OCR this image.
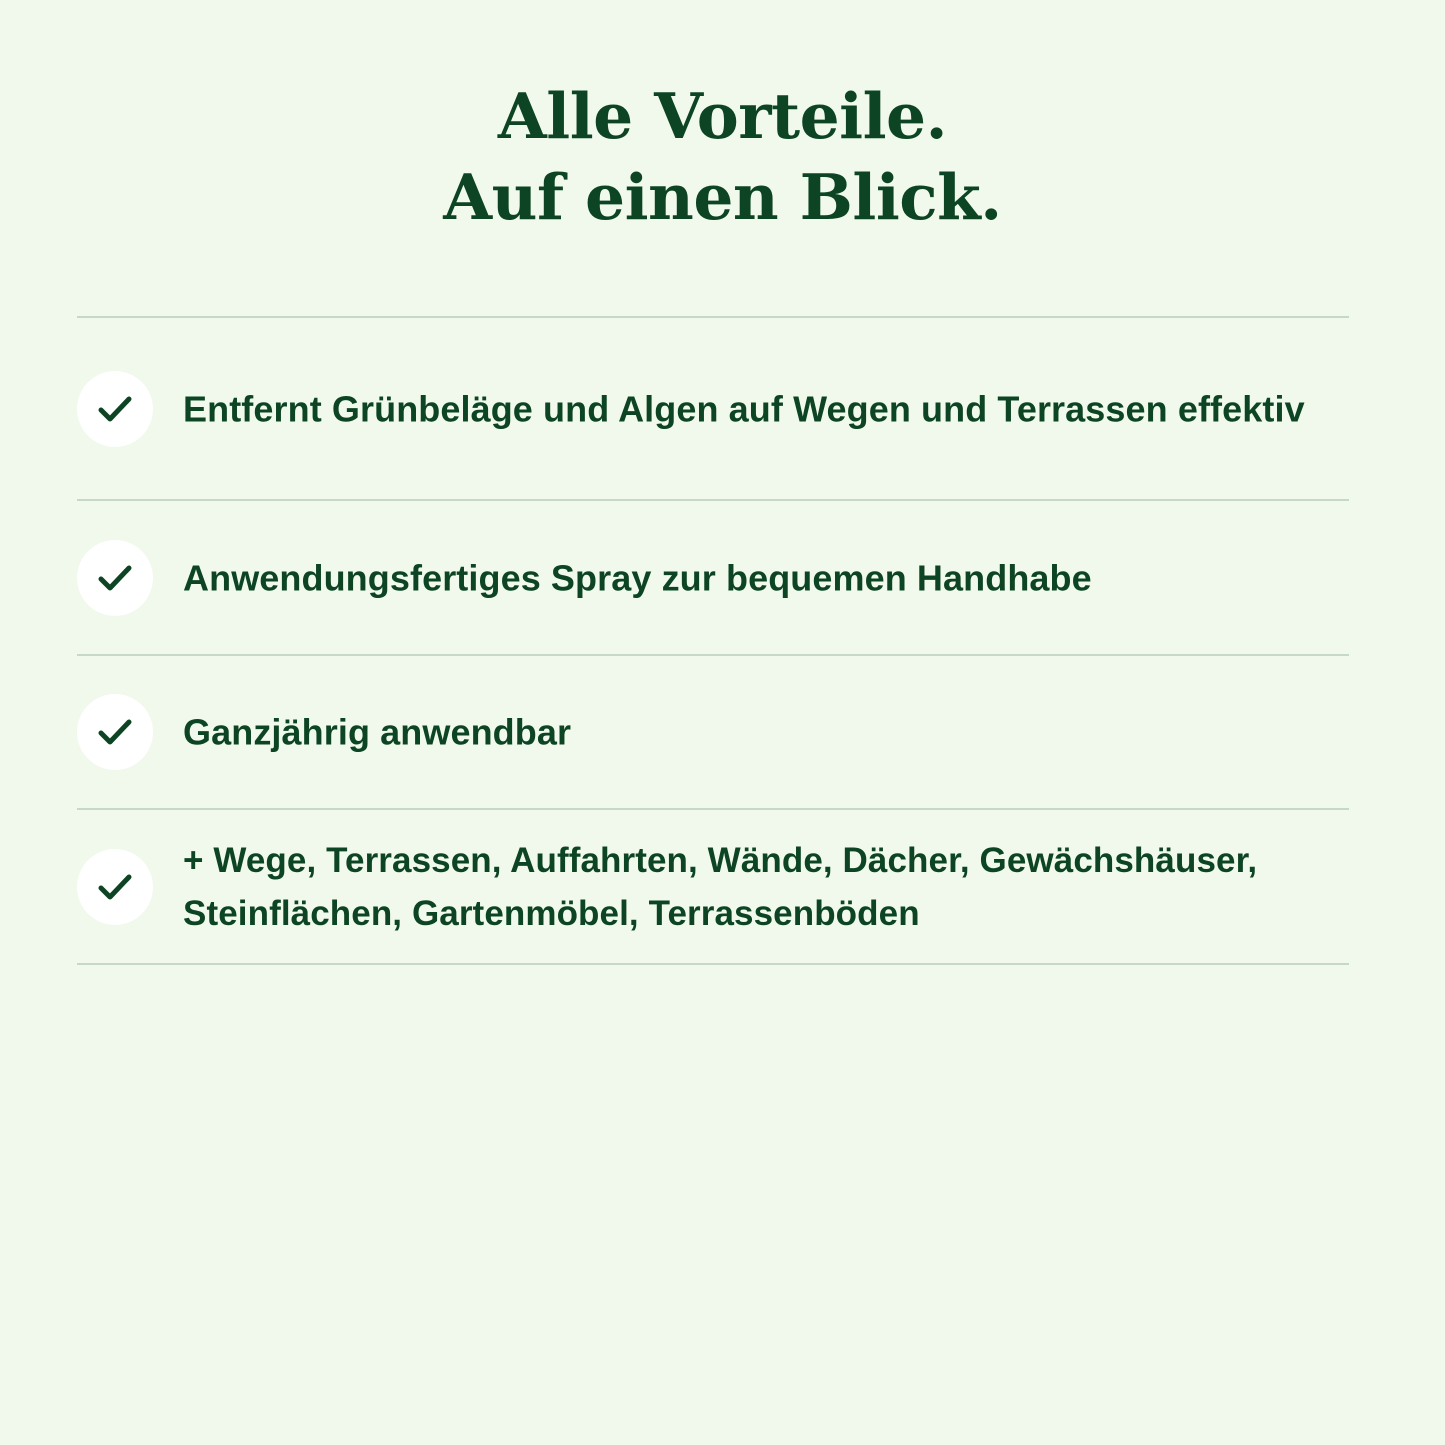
Alle Vorteile.
Auf einen Blick.
Entfernt Grünbeläge und Algen auf Wegen und Terrassen effektiv
Anwendungsfertiges Spray zur bequemen Handhabe
Ganzjährig anwendbar
+ Wege, Terrassen, Auffahrten, Wände, Dächer, Gewächshäuser, Steinflächen, Gartenmöbel, Terrassenböden
